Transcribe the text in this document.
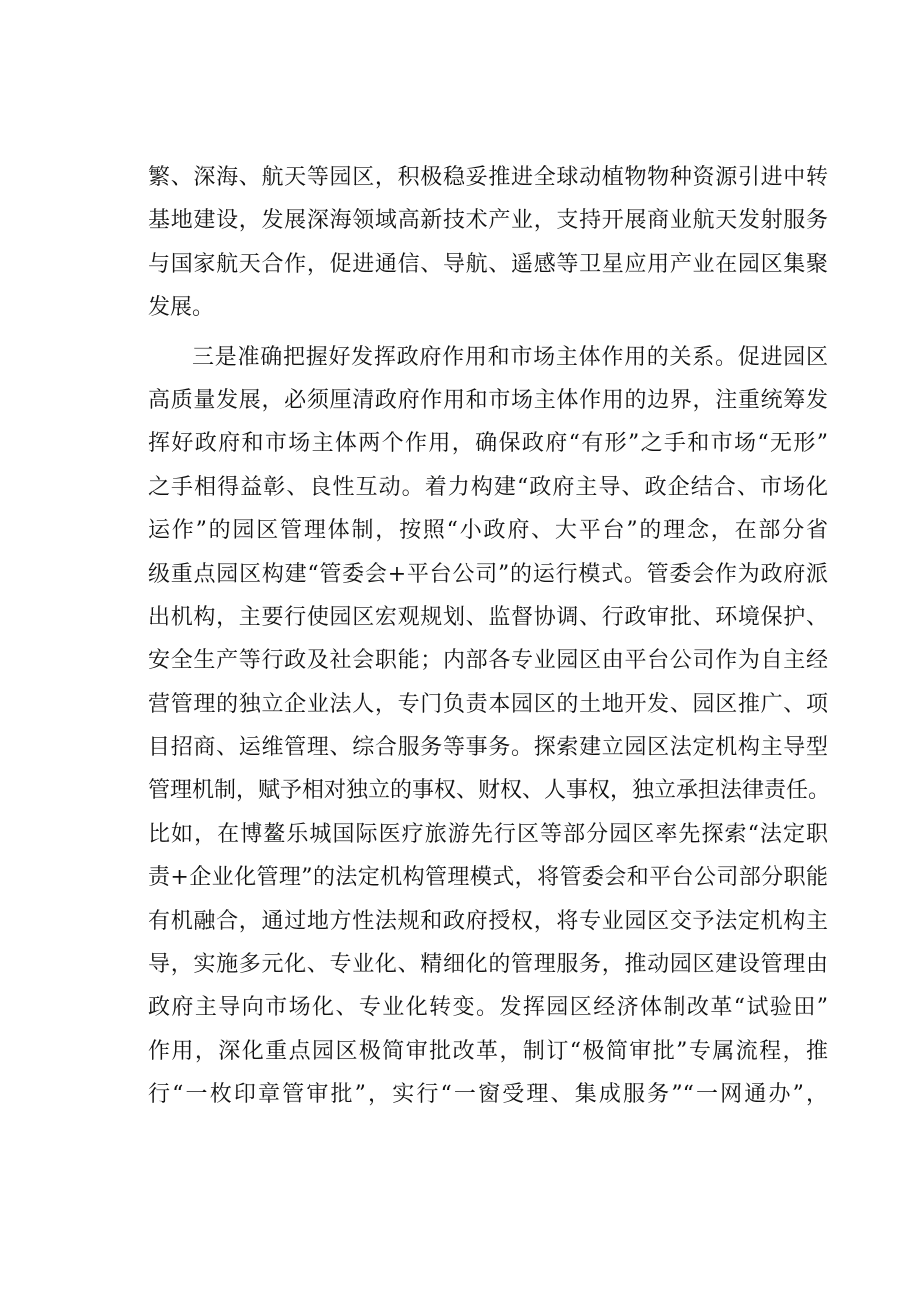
繁、深海、航天等园区，积极稳妥推进全球动植物物种资源引进中转
基地建设，发展深海领域高新技术产业，支持开展商业航天发射服务
与国家航天合作，促进通信、导航、遥感等卫星应用产业在园区集聚
发展。
三是准确把握好发挥政府作用和市场主体作用的关系。促进园区
高质量发展，必须厘清政府作用和市场主体作用的边界，注重统筹发
挥好政府和市场主体两个作用，确保政府“有形”之手和市场“无形”
之手相得益彰、良性互动。着力构建“政府主导、政企结合、市场化
运作”的园区管理体制，按照“小政府、大平台”的理念，在部分省
级重点园区构建“管委会+平台公司”的运行模式。管委会作为政府派
出机构，主要行使园区宏观规划、监督协调、行政审批、环境保护、
安全生产等行政及社会职能；内部各专业园区由平台公司作为自主经
营管理的独立企业法人，专门负责本园区的土地开发、园区推广、项
目招商、运维管理、综合服务等事务。探索建立园区法定机构主导型
管理机制，赋予相对独立的事权、财权、人事权，独立承担法律责任。
比如，在博鳌乐城国际医疗旅游先行区等部分园区率先探索“法定职
责+企业化管理”的法定机构管理模式，将管委会和平台公司部分职能
有机融合，通过地方性法规和政府授权，将专业园区交予法定机构主
导，实施多元化、专业化、精细化的管理服务，推动园区建设管理由
政府主导向市场化、专业化转变。发挥园区经济体制改革“试验田”
作用，深化重点园区极简审批改革，制订“极简审批”专属流程，推
行“一枚印章管审批”，实行“一窗受理、集成服务”“一网通办”，
